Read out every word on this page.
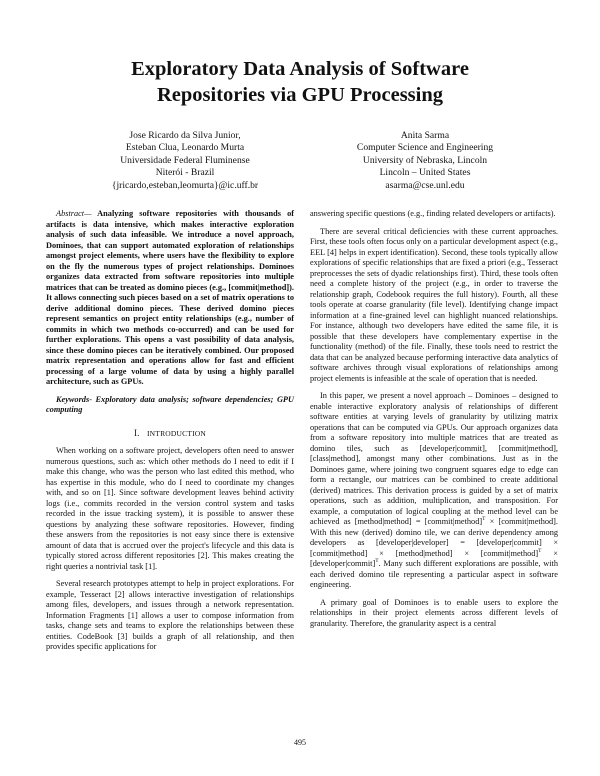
Exploratory Data Analysis of Software
Repositories via GPU Processing
Jose Ricardo da Silva Junior,
Esteban Clua, Leonardo Murta
Universidade Federal Fluminense
Niterói - Brazil
{jricardo,esteban,leomurta}@ic.uff.br
Anita Sarma
Computer Science and Engineering
University of Nebraska, Lincoln
Lincoln – United States
asarma@cse.unl.edu

Abstract— Analyzing software repositories with thousands of artifacts is data intensive, which makes interactive exploration analysis of such data infeasible. We introduce a novel approach, Dominoes, that can support automated exploration of relationships amongst project elements, where users have the flexibility to explore on the fly the numerous types of project relationships. Dominoes organizes data extracted from software repositories into multiple matrices that can be treated as domino pieces (e.g., [commit|method]). It allows connecting such pieces based on a set of matrix operations to derive additional domino pieces. These derived domino pieces represent semantics on project entity relationships (e.g., number of commits in which two methods co-occurred) and can be used for further explorations. This opens a vast possibility of data analysis, since these domino pieces can be iteratively combined. Our proposed matrix representation and operations allow for fast and efficient processing of a large volume of data by using a highly parallel architecture, such as GPUs.

Keywords- Exploratory data analysis; software dependencies; GPU computing

I. INTRODUCTION

When working on a software project, developers often need to answer numerous questions, such as: which other methods do I need to edit if I make this change, who was the person who last edited this method, who has expertise in this module, who do I need to coordinate my changes with, and so on [1]. Since software development leaves behind activity logs (i.e., commits recorded in the version control system and tasks recorded in the issue tracking system), it is possible to answer these questions by analyzing these software repositories. However, finding these answers from the repositories is not easy since there is extensive amount of data that is accrued over the project's lifecycle and this data is typically stored across different repositories [2]. This makes creating the right queries a nontrivial task [1].

Several research prototypes attempt to help in project explorations. For example, Tesseract [2] allows interactive investigation of relationships among files, developers, and issues through a network representation. Information Fragments [1] allows a user to compose information from tasks, change sets and teams to explore the relationships between these entities. CodeBook [3] builds a graph of all relationship, and then provides specific applications for

answering specific questions (e.g., finding related developers or artifacts).

There are several critical deficiencies with these current approaches. First, these tools often focus only on a particular development aspect (e.g., EEL [4] helps in expert identification). Second, these tools typically allow explorations of specific relationships that are fixed a priori (e.g., Tesseract preprocesses the sets of dyadic relationships first). Third, these tools often need a complete history of the project (e.g., in order to traverse the relationship graph, Codebook requires the full history). Fourth, all these tools operate at coarse granularity (file level). Identifying change impact information at a fine-grained level can highlight nuanced relationships. For instance, although two developers have edited the same file, it is possible that these developers have complementary expertise in the functionality (method) of the file. Finally, these tools need to restrict the data that can be analyzed because performing interactive data analytics of software archives through visual explorations of relationships among project elements is infeasible at the scale of operation that is needed.

In this paper, we present a novel approach – Dominoes – designed to enable interactive exploratory analysis of relationships of different software entities at varying levels of granularity by utilizing matrix operations that can be computed via GPUs. Our approach organizes data from a software repository into multiple matrices that are treated as domino tiles, such as [developer|commit], [commit|method], [class|method], amongst many other combinations. Just as in the Dominoes game, where joining two congruent squares edge to edge can form a rectangle, our matrices can be combined to create additional (derived) matrices. This derivation process is guided by a set of matrix operations, such as addition, multiplication, and transposition. For example, a computation of logical coupling at the method level can be achieved as [method|method] = [commit|method]$^T$ × [commit|method]. With this new (derived) domino tile, we can derive dependency among developers as [developer|developer] = [developer|commit] × [commit|method] × [method|method] × [commit|method]$^T$ × [developer|commit]$^T$. Many such different explorations are possible, with each derived domino tile representing a particular aspect in software engineering.

A primary goal of Dominoes is to enable users to explore the relationships in their project elements across different levels of granularity. Therefore, the granularity aspect is a central

495
